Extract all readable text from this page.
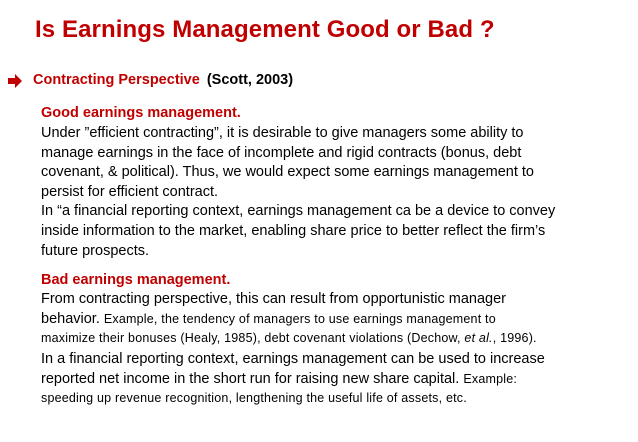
Is Earnings Management Good or Bad ?
Contracting Perspective (Scott, 2003)
Good earnings management.
Under ”efficient contracting”, it is desirable to give managers some ability to
manage earnings in the face of incomplete and rigid contracts (bonus, debt
covenant, & political). Thus, we would expect some earnings management to
persist for efficient contract.
In “a financial reporting context, earnings management ca be a device to convey
inside information to the market, enabling share price to better reflect the firm’s
future prospects.
Bad earnings management.
From contracting perspective, this can result from opportunistic manager
behavior. Example, the tendency of managers to use earnings management to
maximize their bonuses (Healy, 1985), debt covenant violations (Dechow, et al., 1996).
In a financial reporting context, earnings management can be used to increase
reported net income in the short run for raising new share capital. Example:
speeding up revenue recognition, lengthening the useful life of assets, etc.
